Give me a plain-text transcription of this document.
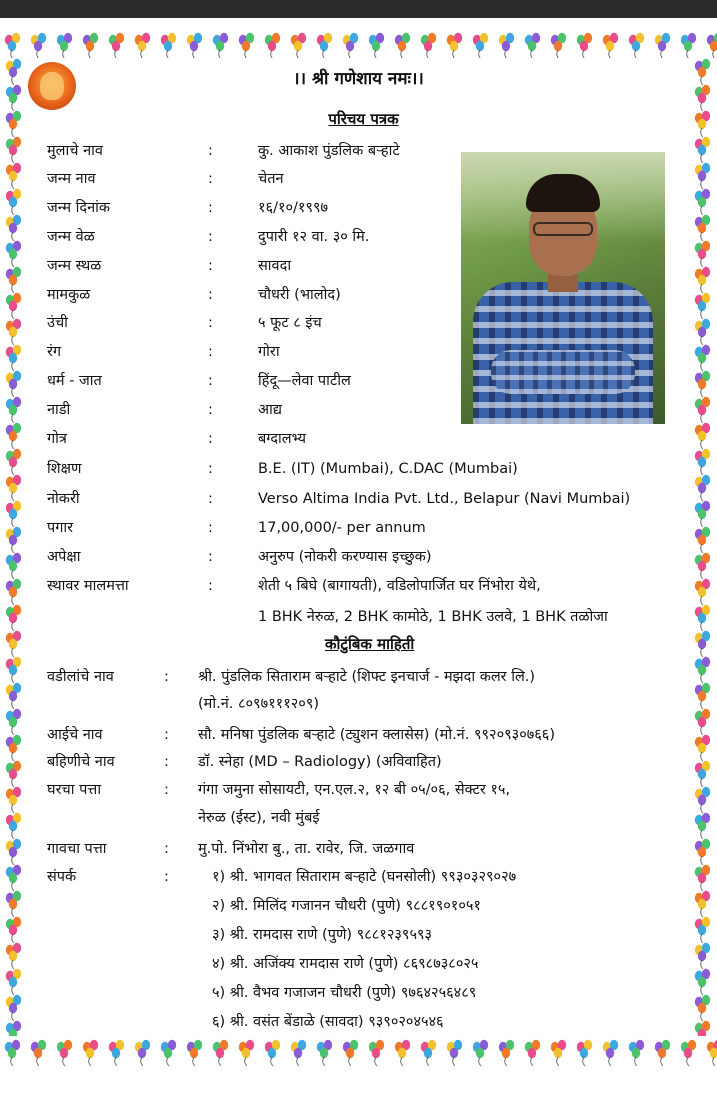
।। श्री गणेशाय नमः।।
परिचय पत्रक
मुलाचे नाव	:	कु. आकाश पुंडलिक बऱ्हाटे
जन्म नाव	:	चेतन
जन्म दिनांक	:	१६/१०/१९९७
जन्म वेळ	:	दुपारी १२ वा. ३० मि.
जन्म स्थळ	:	सावदा
मामकुळ	:	चौधरी (भालोद)
उंची	:	५ फूट ८ इंच
रंग	:	गोरा
धर्म - जात	:	हिंदू—लेवा पाटील
नाडी	:	आद्य
गोत्र	:	बग्दालभ्य
शिक्षण	:	B.E. (IT) (Mumbai), C.DAC (Mumbai)
नोकरी	:	Verso Altima India Pvt. Ltd., Belapur (Navi Mumbai)
पगार	:	17,00,000/- per annum
अपेक्षा	:	अनुरुप (नोकरी करण्यास इच्छुक)
स्थावर मालमत्ता	:	शेती ५ बिघे (बागायती), वडिलोपार्जित घर निंभोरा येथे,
1 BHK नेरुळ, 2 BHK कामोठे, 1 BHK उलवे, 1 BHK तळोजा
कौटुंबिक माहिती
वडीलांचे नाव	: श्री. पुंडलिक सिताराम बऱ्हाटे (शिफ्ट इनचार्ज - मझदा कलर लि.)
(मो.नं. ८०९७१११२०९)
आईचे नाव	: सौ. मनिषा पुंडलिक बऱ्हाटे (ट्युशन क्लासेस) (मो.नं. ९९२०९३०७६६)
बहिणीचे नाव	: डॉ. स्नेहा (MD – Radiology) (अविवाहित)
घरचा पत्ता	: गंगा जमुना सोसायटी, एन.एल.२, १२ बी ०५/०६, सेक्टर १५,
नेरुळ (ईस्ट), नवी मुंबई
गावचा पत्ता	: मु.पो. निंभोरा बु., ता. रावेर, जि. जळगाव
संपर्क	:	१) श्री. भागवत सिताराम बऱ्हाटे (घनसोली) ९९३०३२९०२७
२) श्री. मिलिंद गजानन चौधरी (पुणे) ९८८१९०१०५१
३) श्री. रामदास राणे (पुणे) ९८८१२३९५९३
४) श्री. अजिंक्य रामदास राणे (पुणे) ८६९८७३८०२५
५) श्री. वैभव गजाजन चौधरी (पुणे) ९७६४२५६४८९
६) श्री. वसंत बेंडाळे (सावदा) ९३९०२०४५४६
